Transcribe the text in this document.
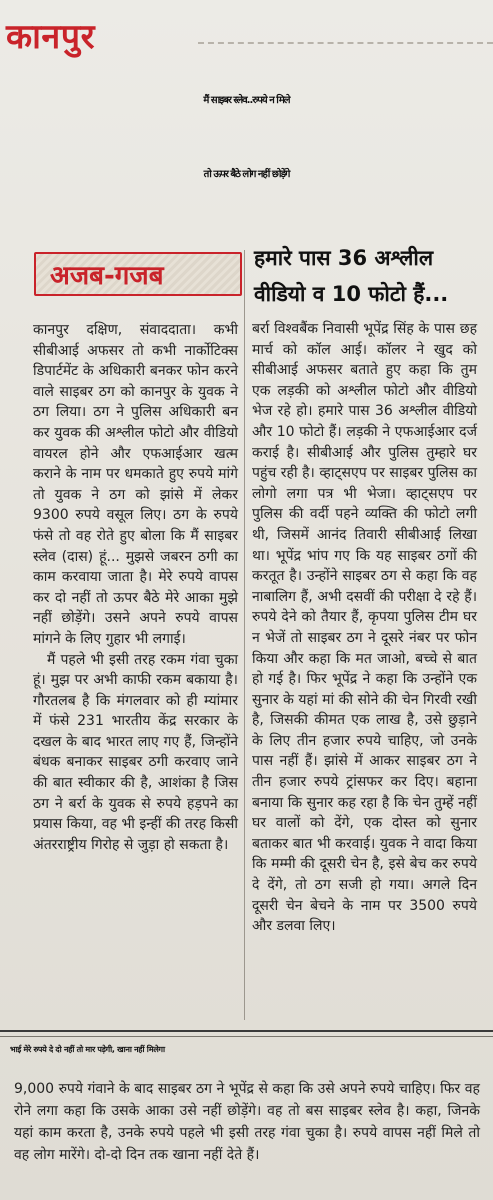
कानपुर
मैं साइबर स्लेव..रुपये न मिले
तो ऊपर बैठे लोग नहीं छोड़ेंगे
अजब-गजब
हमारे पास 36 अश्लील
वीडियो व 10 फोटो हैं...

कानपुर दक्षिण, संवाददाता। कभी सीबीआई अफसर तो कभी नार्कोटिक्स डिपार्टमेंट के अधिकारी बनकर फोन करने वाले साइबर ठग को कानपुर के युवक ने ठग लिया। ठग ने पुलिस अधिकारी बन कर युवक की अश्लील फोटो और वीडियो वायरल होने और एफआईआर खत्म कराने के नाम पर धमकाते हुए रुपये मांगे तो युवक ने ठग को झांसे में लेकर 9300 रुपये वसूल लिए। ठग के रुपये फंसे तो वह रोते हुए बोला कि मैं साइबर स्लेव (दास) हूं... मुझसे जबरन ठगी का काम करवाया जाता है। मेरे रुपये वापस कर दो नहीं तो ऊपर बैठे मेरे आका मुझे नहीं छोड़ेंगे। उसने अपने रुपये वापस मांगने के लिए गुहार भी लगाई।

मैं पहले भी इसी तरह रकम गंवा चुका हूं। मुझ पर अभी काफी रकम बकाया है। गौरतलब है कि मंगलवार को ही म्यांमार में फंसे 231 भारतीय केंद्र सरकार के दखल के बाद भारत लाए गए हैं, जिन्होंने बंधक बनाकर साइबर ठगी करवाए जाने की बात स्वीकार की है, आशंका है जिस ठग ने बर्रा के युवक से रुपये हड़पने का प्रयास किया, वह भी इन्हीं की तरह किसी अंतरराष्ट्रीय गिरोह से जुड़ा हो सकता है।

बर्रा विश्वबैंक निवासी भूपेंद्र सिंह के पास छह मार्च को कॉल आई। कॉलर ने खुद को सीबीआई अफसर बताते हुए कहा कि तुम एक लड़की को अश्लील फोटो और वीडियो भेज रहे हो। हमारे पास 36 अश्लील वीडियो और 10 फोटो हैं। लड़की ने एफआईआर दर्ज कराई है। सीबीआई और पुलिस तुम्हारे घर पहुंच रही है। व्हाट्सएप पर साइबर पुलिस का लोगो लगा पत्र भी भेजा। व्हाट्सएप पर पुलिस की वर्दी पहने व्यक्ति की फोटो लगी थी, जिसमें आनंद तिवारी सीबीआई लिखा था। भूपेंद्र भांप गए कि यह साइबर ठगों की करतूत है। उन्होंने साइबर ठग से कहा कि वह नाबालिग हैं, अभी दसवीं की परीक्षा दे रहे हैं। रुपये देने को तैयार हैं, कृपया पुलिस टीम घर न भेजें तो साइबर ठग ने दूसरे नंबर पर फोन किया और कहा कि मत जाओ, बच्चे से बात हो गई है। फिर भूपेंद्र ने कहा कि उन्होंने एक सुनार के यहां मां की सोने की चेन गिरवी रखी है, जिसकी कीमत एक लाख है, उसे छुड़ाने के लिए तीन हजार रुपये चाहिए, जो उनके पास नहीं हैं। झांसे में आकर साइबर ठग ने तीन हजार रुपये ट्रांसफर कर दिए। बहाना बनाया कि सुनार कह रहा है कि चेन तुम्हें नहीं घर वालों को देंगे, एक दोस्त को सुनार बताकर बात भी करवाई। युवक ने वादा किया कि मम्मी की दूसरी चेन है, इसे बेच कर रुपये दे देंगे, तो ठग सजी हो गया। अगले दिन दूसरी चेन बेचने के नाम पर 3500 रुपये और डलवा लिए।

भाई मेरे रुपये दे दो नहीं तो मार पड़ेगी, खाना नहीं मिलेगा

9,000 रुपये गंवाने के बाद साइबर ठग ने भूपेंद्र से कहा कि उसे अपने रुपये चाहिए। फिर वह रोने लगा कहा कि उसके आका उसे नहीं छोड़ेंगे। वह तो बस साइबर स्लेव है। कहा, जिनके यहां काम करता है, उनके रुपये पहले भी इसी तरह गंवा चुका है। रुपये वापस नहीं मिले तो वह लोग मारेंगे। दो-दो दिन तक खाना नहीं देते हैं।
